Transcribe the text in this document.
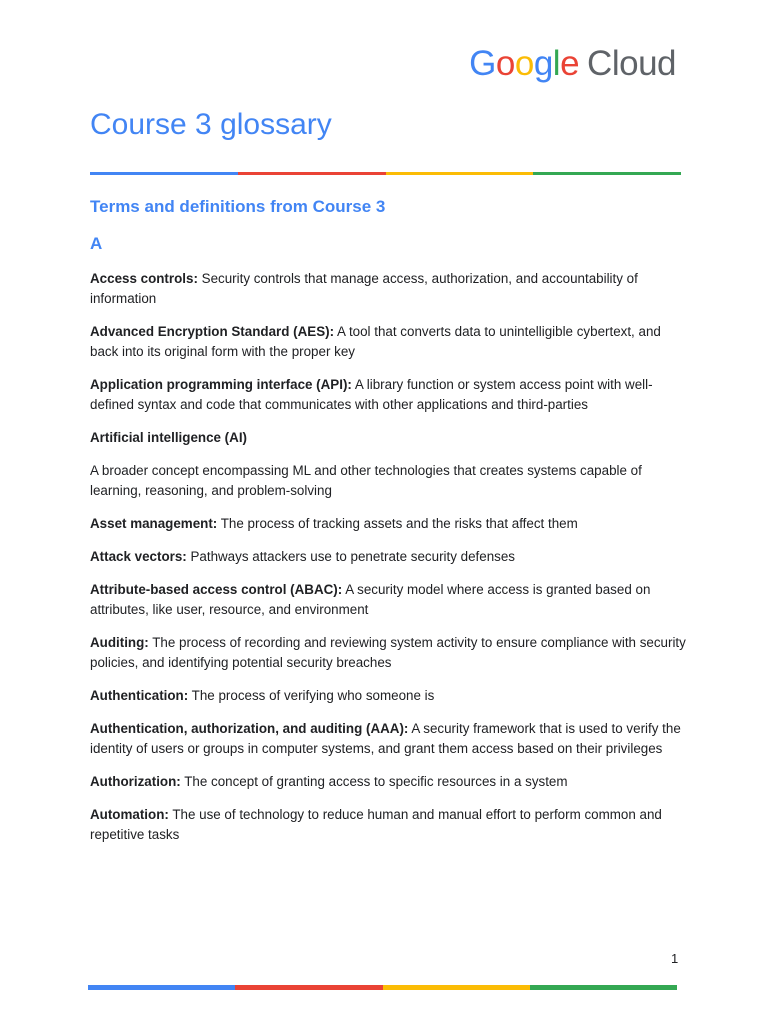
Google Cloud
Course 3 glossary
Terms and definitions from Course 3
A

Access controls: Security controls that manage access, authorization, and accountability of information

Advanced Encryption Standard (AES): A tool that converts data to unintelligible cybertext, and back into its original form with the proper key

Application programming interface (API): A library function or system access point with well-defined syntax and code that communicates with other applications and third-parties

Artificial intelligence (AI)

A broader concept encompassing ML and other technologies that creates systems capable of learning, reasoning, and problem-solving

Asset management: The process of tracking assets and the risks that affect them

Attack vectors: Pathways attackers use to penetrate security defenses

Attribute-based access control (ABAC): A security model where access is granted based on attributes, like user, resource, and environment

Auditing: The process of recording and reviewing system activity to ensure compliance with security policies, and identifying potential security breaches

Authentication: The process of verifying who someone is

Authentication, authorization, and auditing (AAA): A security framework that is used to verify the identity of users or groups in computer systems, and grant them access based on their privileges

Authorization: The concept of granting access to specific resources in a system

Automation: The use of technology to reduce human and manual effort to perform common and repetitive tasks

1
